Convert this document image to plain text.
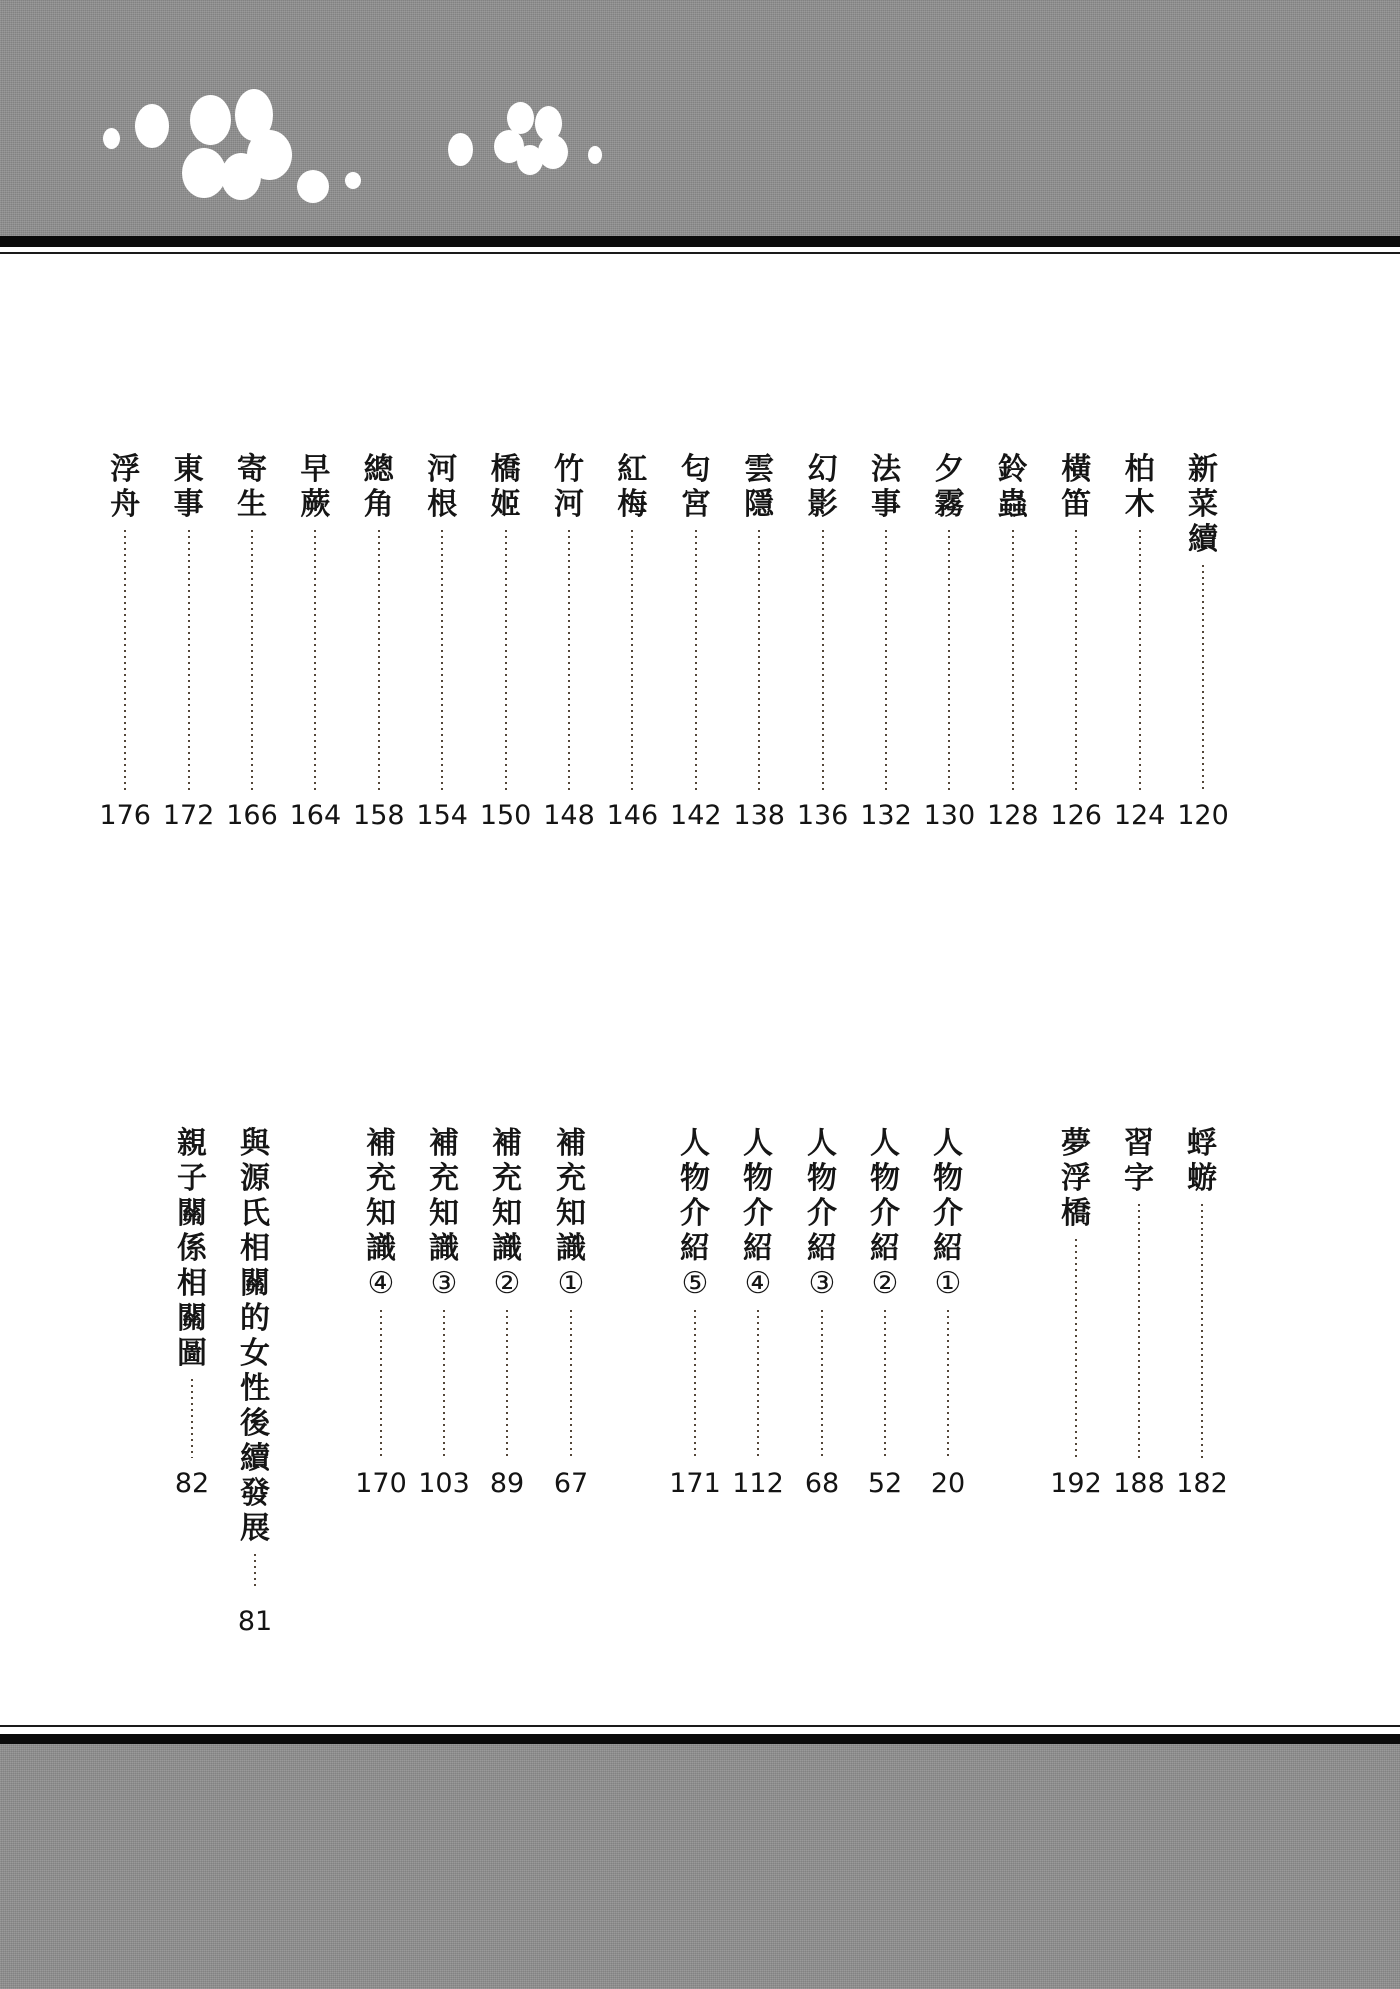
新
菜
續
120
柏
木
124
橫
笛
126
鈴
蟲
128
夕
霧
130
法
事
132
幻
影
136
雲
隱
138
匂
宮
142
紅
梅
146
竹
河
148
橋
姬
150
河
根
154
總
角
158
早
蕨
164
寄
生
166
東
事
172
浮
舟
176
蜉
蝣
182
習
字
188
夢
浮
橋
192
人
物
介
紹
①
20
人
物
介
紹
②
52
人
物
介
紹
③
68
人
物
介
紹
④
112
人
物
介
紹
⑤
171
補
充
知
識
①
67
補
充
知
識
②
89
補
充
知
識
③
103
補
充
知
識
④
170
與
源
氏
相
關
的
女
性
後
續
發
展
81
親
子
關
係
相
關
圖
82
